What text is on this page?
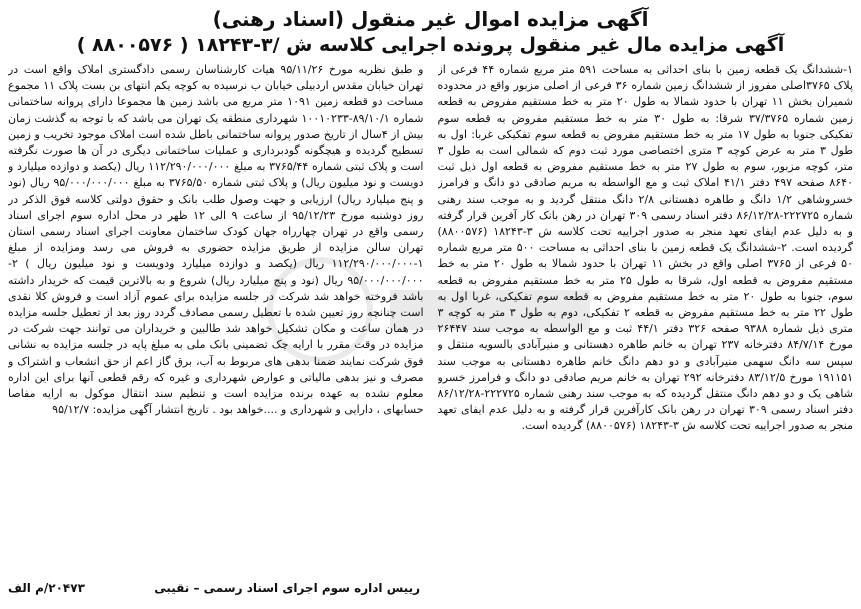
آگهی مزایده اموال غیر منقول (اسناد رهنی)
آگهی مزایده مال غیر منقول پرونده اجرایی کلاسه ش /۳-۱۸۲۴۳ ( ۸۸۰۰۵۷۶ )

۱-ششدانگ یک قطعه زمین با بنای احداثی به مساحت ۵۹۱ متر مربع شماره ۴۴ فرعی از پلاک ۳۷۶۵اصلی مفروز از ششدانگ زمین شماره ۳۶ فرعی از اصلی مزبور واقع در محدوده شمیران بخش ۱۱ تهران با حدود شمالا به طول ۲۰ متر به خط مستقیم مفروض به قطعه زمین شماره ۳۷/۳۷۶۵ شرقا: به طول ۳۰ متر به خط مستقیم مفروض به قطعه سوم تفکیکی جنوبا به طول ۱۷ متر به خط مستقیم مفروض به قطعه سوم تفکیکی غربا: اول به طول ۳ متر به عرض کوچه ۳ متری اختصاصی مورد ثبت دوم که شمالی است به طول ۳ متر، کوچه مزبور، سوم به طول ۲۷ متر به خط مستقیم مفروض به قطعه اول ذیل ثبت ۸۶۴۰ صفحه ۴۹۷ دفتر ۴۱/۱ املاک ثبت و مع الواسطه به مریم صادقی دو دانگ و فرامرز خسروشاهی ۱/۲ دانگ و طاهره دهستانی ۲/۸ دانگ منتقل گردید و به موجب سند رهنی شماره ۲۲۲۷۲۵-۸۶/۱۲/۲۸ دفتر اسناد رسمی ۳۰۹ تهران در رهن بانک کار آفرین قرار گرفته و به دلیل عدم ایفای تعهد منجر به صدور اجراییه تحت کلاسه ش ۳-۱۸۲۴۳ (۸۸۰۰۵۷۶) گردیده است. ۲-ششدانگ یک قطعه زمین با بنای احداثی به مساحت ۵۰۰ متر مربع شماره ۵۰ فرعی از ۳۷۶۵ اصلی واقع در بخش ۱۱ تهران با حدود شمالا به طول ۲۰ متر به خط مستقیم مفروض به قطعه اول، شرقا به طول ۲۵ متر به خط مستقیم مفروض به قطعه سوم، جنوبا به طول ۲۰ متر به خط مستقیم مفروض به قطعه سوم تفکیکی، غربا اول به طول ۲۲ متر به خط مستقیم مفروض به قطعه ۲ تفکیکی، دوم به طول ۳ متر به کوچه ۳ متری ذیل شماره ۹۳۸۸ صفحه ۳۲۶ دفتر ۴۴/۱ ثبت و مع الواسطه به موجب سند ۲۶۴۴۷ مورخ ۸۴/۷/۱۴ دفترخانه ۲۳۷ تهران به خانم طاهره دهستانی و منیرآبادی بالسویه منتقل و سپس سه دانگ سهمی منیرآبادی و دو دهم دانگ خانم طاهره دهستانی به موجب سند ۱۹۱۱۵۱ مورخ ۸۳/۱۲/۵ دفترخانه ۲۹۲ تهران به خانم مریم صادقی دو دانگ و فرامرز خسرو شاهی یک و دو دهم دانگ منتقل گردیده که به موجب سند رهنی شماره ۲۲۲۷۲۵-۸۶/۱۲/۲۸ دفتر اسناد رسمی ۳۰۹ تهران در رهن بانک کارآفرین قرار گرفته و به دلیل عدم ایفای تعهد منجر به صدور اجراییه تحت کلاسه ش ۳-۱۸۲۴۳ (۸۸۰۰۵۷۶) گردیده است.

و طبق نظریه مورخ ۹۵/۱۱/۲۶ هیات کارشناسان رسمی دادگستری املاک واقع است در تهران خیابان مقدس اردبیلی خیابان ب نرسیده به کوچه یکم انتهای بن بست پلاک ۱۱ مجموع مساحت دو قطعه زمین ۱۰۹۱ متر مربع می باشد زمین ها مجموعا دارای پروانه ساختمانی شماره ۸۹/۱۰/۱-۱۰۰۱۰۲۳۳ شهرداری منطقه یک تهران می باشد که با توجه به گذشت زمان بیش از ۴سال از تاریخ صدور پروانه ساختمانی باطل شده است املاک موجود تخریب و زمین تسطیح گردیده و هیچگونه گودبرداری و عملیات ساختمانی دیگری در آن ها صورت نگرفته است و پلاک ثبتی شماره ۳۷۶۵/۴۴ به مبلغ ۱۱۲/۲۹۰/۰۰۰/۰۰۰ ریال (یکصد و دوازده میلیارد و دویست و نود میلیون ریال) و پلاک ثبتی شماره ۳۷۶۵/۵۰ به مبلغ ۹۵/۰۰۰/۰۰۰/۰۰۰ ریال (نود و پنج میلیارد ریال) ارزیابی و جهت وصول طلب بانک و حقوق دولتی کلاسه فوق الذکر در روز دوشنبه مورخ ۹۵/۱۲/۲۳ از ساعت ۹ الی ۱۲ ظهر در محل اداره سوم اجرای اسناد رسمی واقع در تهران چهارراه جهان کودک ساختمان معاونت اجرای اسناد رسمی استان تهران سالن مزایده از طریق مزایده حضوری به فروش می رسد ومزایده از مبلغ ۱-۱۱۲/۲۹۰/۰۰۰/۰۰۰ ریال (یکصد و دوازده میلیارد ودویست و نود میلیون ریال ) ۲- ۹۵/۰۰۰/۰۰۰/۰۰۰ ریال (نود و پنج میلیارد ریال) شروع و به بالاترین قیمت که خریدار داشته باشد فروخته خواهد شد شرکت در جلسه مزایده برای عموم آزاد است و فروش کلا نقدی است چنانچه روز تعیین شده با تعطیل رسمی مصادف گردد روز بعد از تعطیل جلسه مزایده در همان ساعت و مکان تشکیل خواهد شد طالبین و خریداران می توانند جهت شرکت در مزایده در وقت مقرر با ارایه چک تضمینی بانک ملی به مبلغ پایه در جلسه مزایده به نشانی فوق شرکت نمایند ضمنا بدهی های مربوط به آب، برق گاز اعم از حق انشعاب و اشتراک و مصرف و نیز بدهی مالیاتی و عوارض شهرداری و غیره که رقم قطعی آنها برای این اداره معلوم نشده به عهده برنده مزایده است و تنظیم سند انتقال موکول به ارایه مفاصا حسابهای ، دارایی و شهرداری و ....خواهد بود . تاریخ انتشار آگهی مزایده: ۹۵/۱۲/۷

رییس اداره سوم اجرای اسناد رسمی – نقیبی
۲۰۴۷۳/م الف
